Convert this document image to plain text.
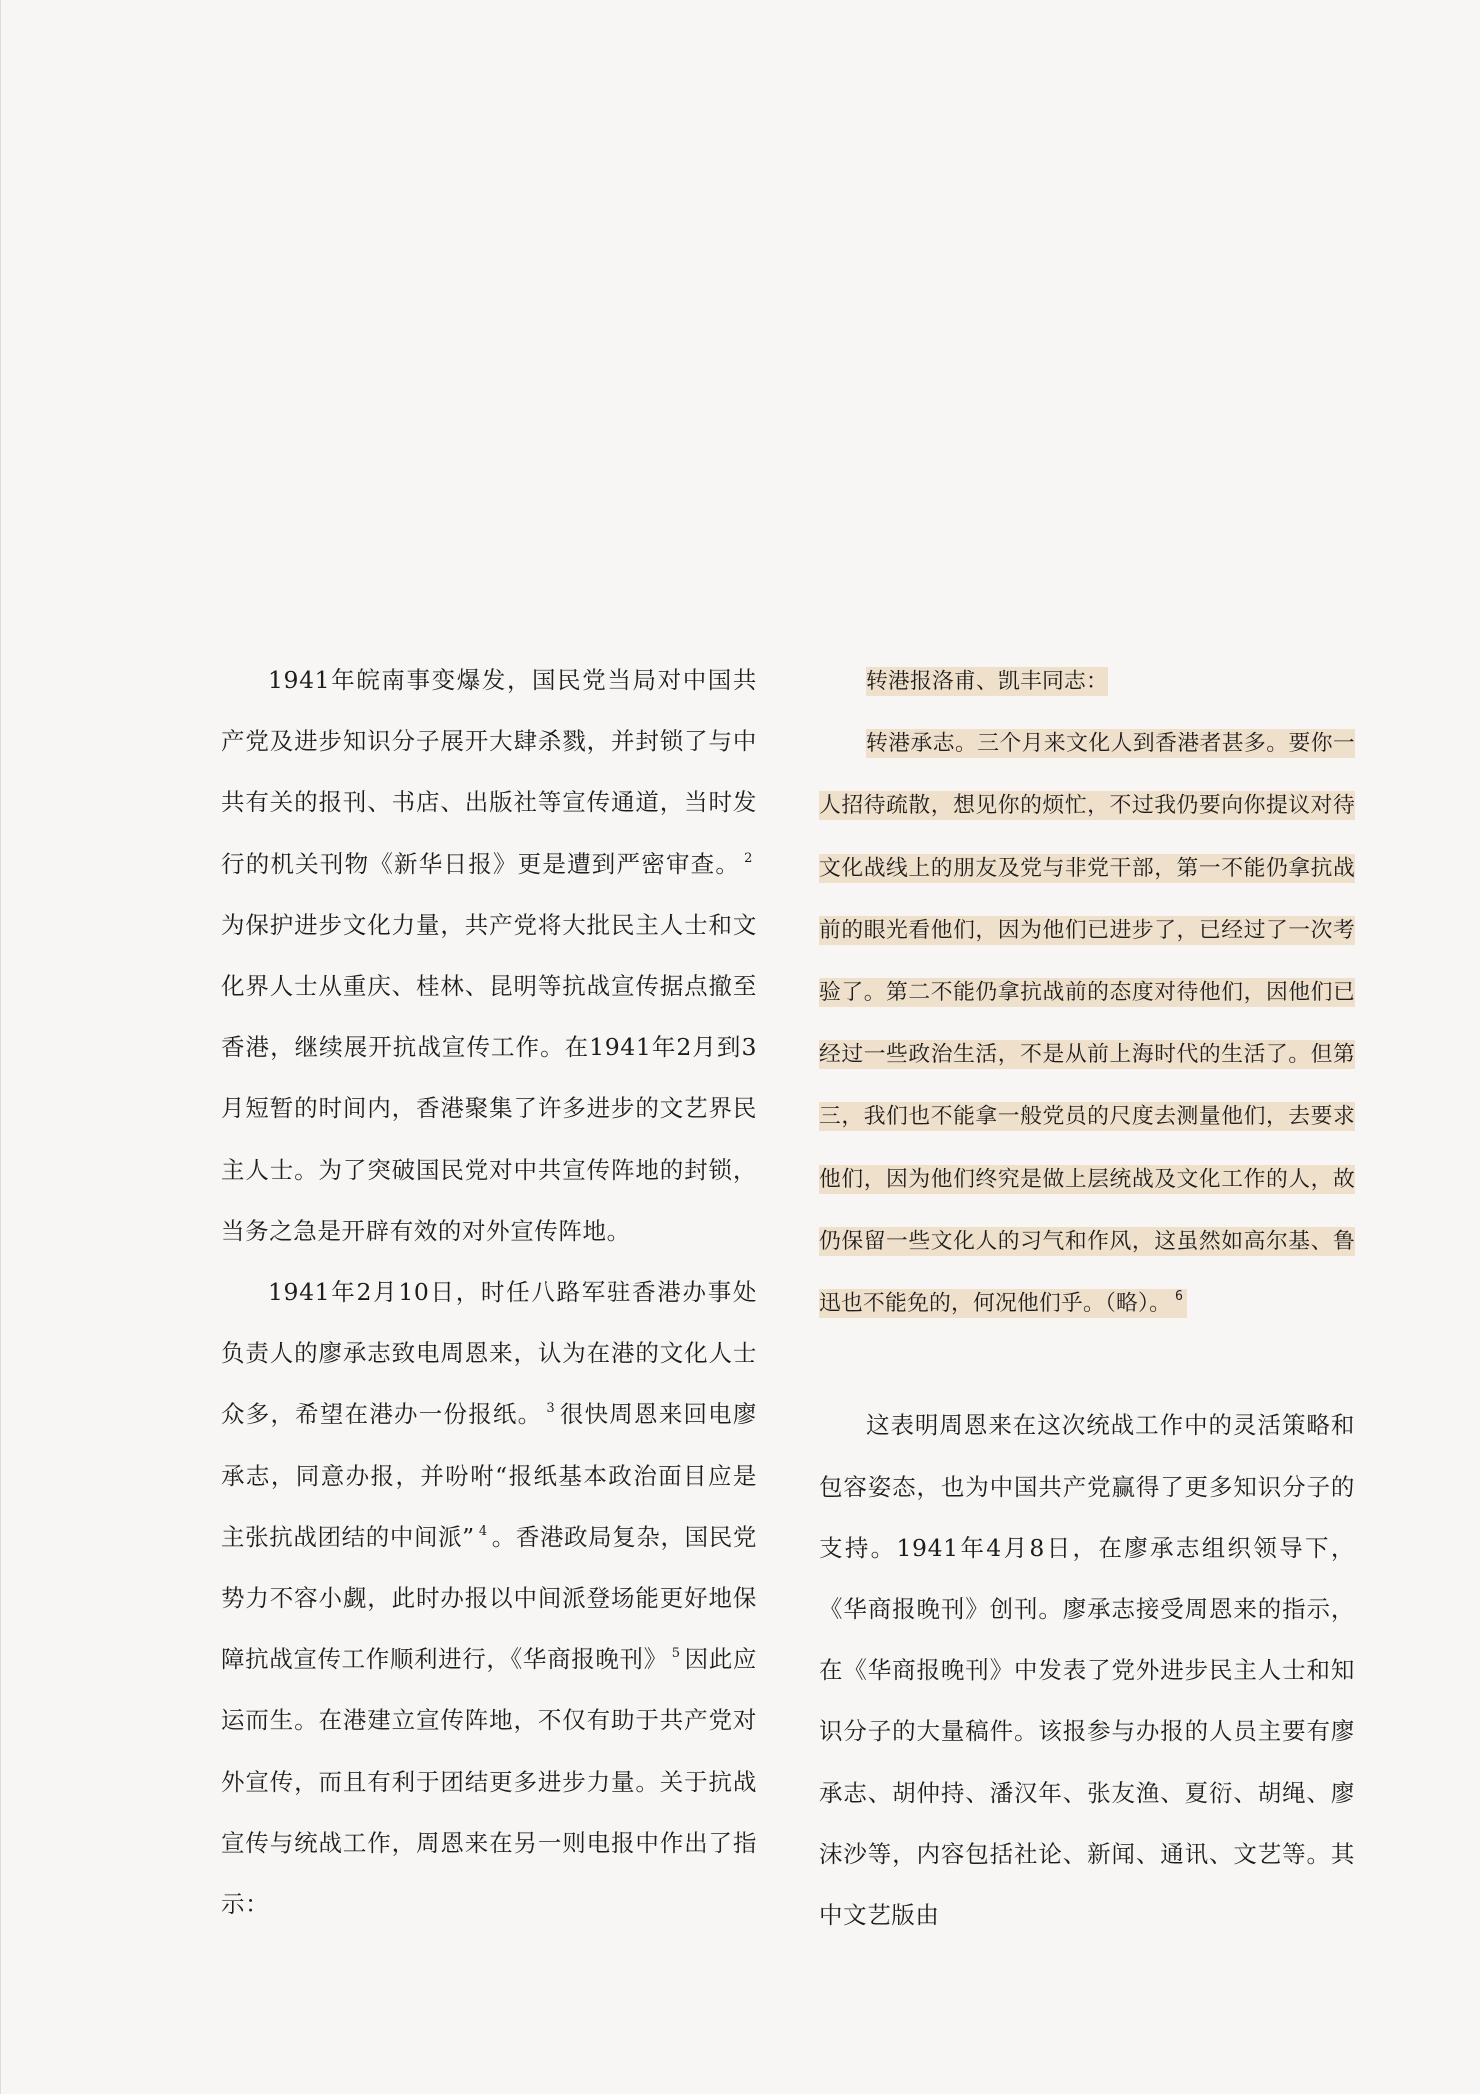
1941年皖南事变爆发，国民党当局对中国共产党及进步知识分子展开大肆杀戮，并封锁了与中共有关的报刊、书店、出版社等宣传通道，当时发行的机关刊物《新华日报》更是遭到严密审查。 $^2$为保护进步文化力量，共产党将大批民主人士和文化界人士从重庆、桂林、昆明等抗战宣传据点撤至香港，继续展开抗战宣传工作。在1941年2月到3月短暂的时间内，香港聚集了许多进步的文艺界民主人士。为了突破国民党对中共宣传阵地的封锁，当务之急是开辟有效的对外宣传阵地。

1941年2月10日，时任八路军驻香港办事处负责人的廖承志致电周恩来，认为在港的文化人士众多，希望在港办一份报纸。 $^3$ 很快周恩来回电廖承志，同意办报，并吩咐“报纸基本政治面目应是主张抗战团结的中间派” $^4$ 。香港政局复杂，国民党势力不容小觑，此时办报以中间派登场能更好地保障抗战宣传工作顺利进行，《华商报晚刊》 $^5$ 因此应运而生。在港建立宣传阵地，不仅有助于共产党对外宣传，而且有利于团结更多进步力量。关于抗战宣传与统战工作，周恩来在另一则电报中作出了指示：

转港报洛甫、凯丰同志：

转港承志。三个月来文化人到香港者甚多。要你一人招待疏散，想见你的烦忙，不过我仍要向你提议对待文化战线上的朋友及党与非党干部，第一不能仍拿抗战前的眼光看他们，因为他们已进步了，已经过了一次考验了。第二不能仍拿抗战前的态度对待他们，因他们已经过一些政治生活，不是从前上海时代的生活了。但第三，我们也不能拿一般党员的尺度去测量他们，去要求他们，因为他们终究是做上层统战及文化工作的人，故仍保留一些文化人的习气和作风，这虽然如高尔基、鲁迅也不能免的，何况他们乎。（略）。 $^6$

这表明周恩来在这次统战工作中的灵活策略和包容姿态，也为中国共产党赢得了更多知识分子的支持。1941年4月8日，在廖承志组织领导下，《华商报晚刊》创刊。廖承志接受周恩来的指示，在《华商报晚刊》中发表了党外进步民主人士和知识分子的大量稿件。该报参与办报的人员主要有廖承志、胡仲持、潘汉年、张友渔、夏衍、胡绳、廖沫沙等，内容包括社论、新闻、通讯、文艺等。其中文艺版由
